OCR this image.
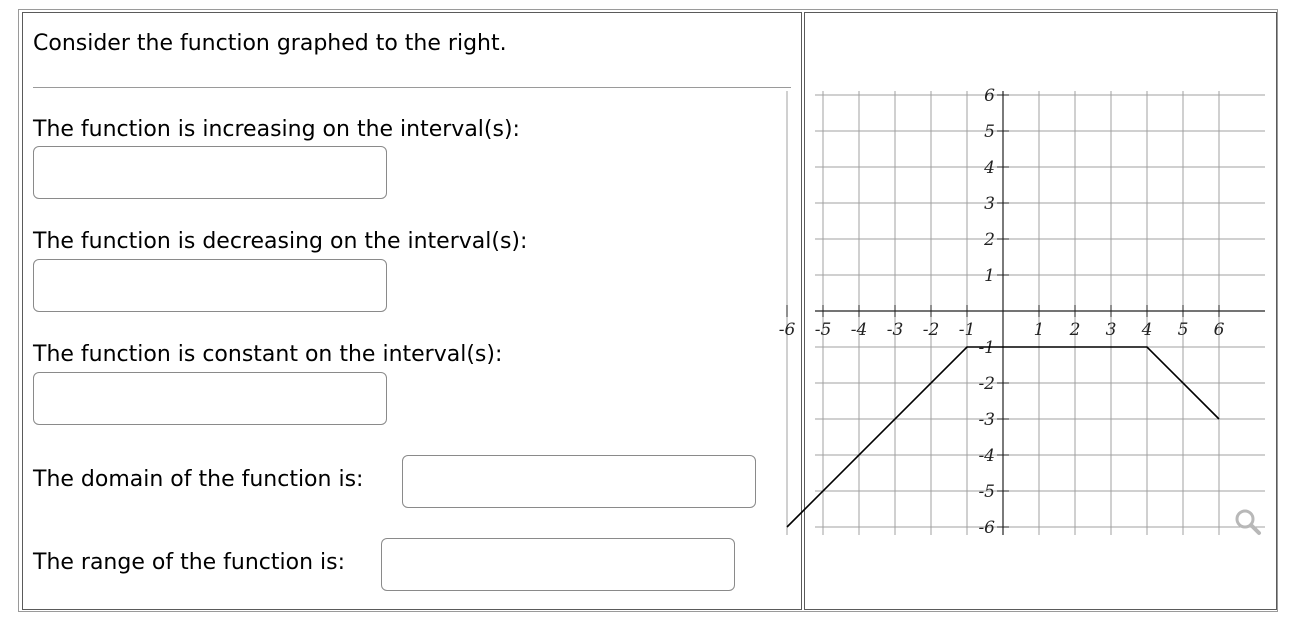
Consider the function graphed to the right.
The function is increasing on the interval(s):
The function is decreasing on the interval(s):
The function is constant on the interval(s):
The domain of the function is:
The range of the function is:
-6 -5 -4 -3 -2 -1	1 2 3 4 5 6
6
5
4
3
2
1
-1
-2
-3
-4
-5
-6
